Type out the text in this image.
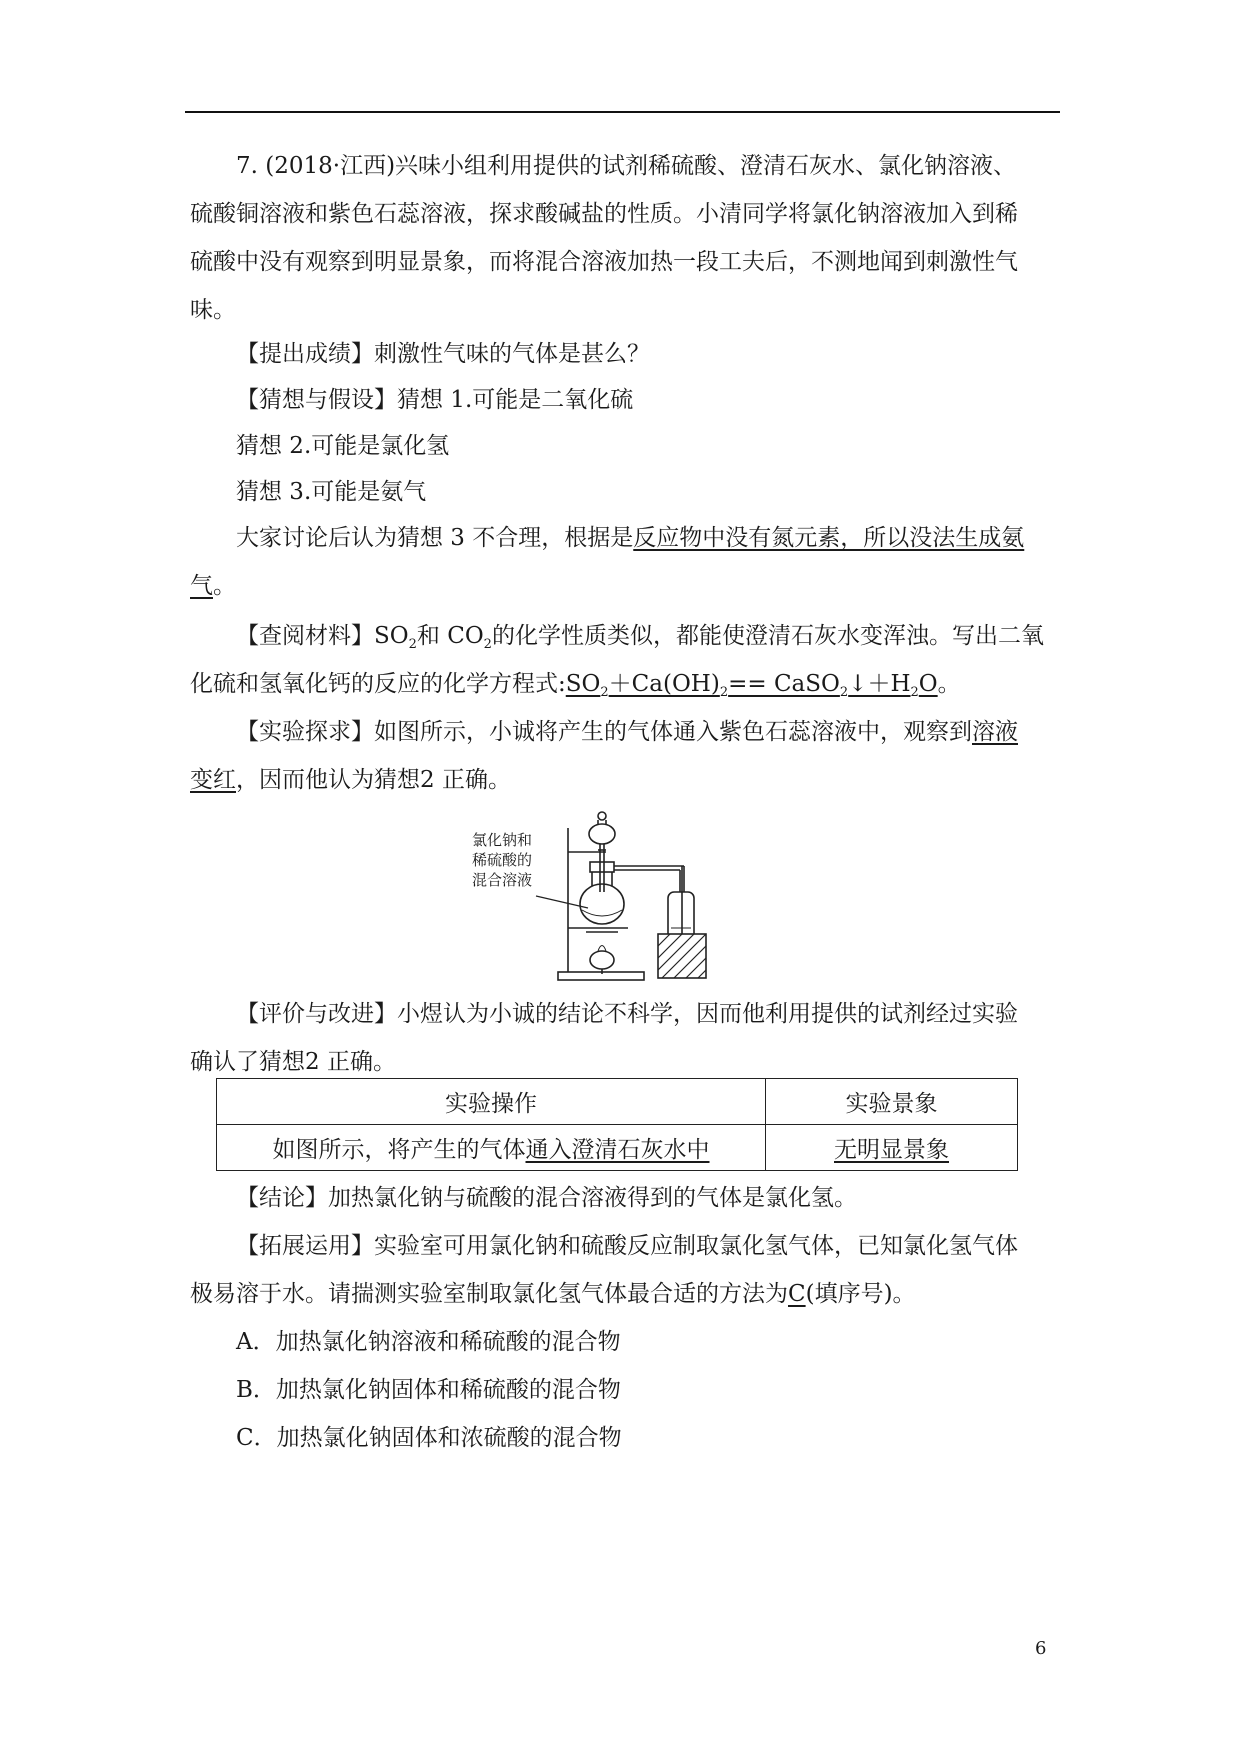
7. (2018·江西)兴味小组利用提供的试剂稀硫酸、澄清石灰水、氯化钠溶液、
硫酸铜溶液和紫色石蕊溶液，探求酸碱盐的性质。小清同学将氯化钠溶液加入到稀
硫酸中没有观察到明显景象，而将混合溶液加热一段工夫后，不测地闻到刺激性气
味。
【提出成绩】刺激性气味的气体是甚么？
【猜想与假设】猜想 1.可能是二氧化硫
猜想 2.可能是氯化氢
猜想 3.可能是氨气
大家讨论后认为猜想 3 不合理，根据是反应物中没有氮元素，所以没法生成氨
气。
【查阅材料】$SO_2$和 $CO_2$的化学性质类似，都能使澄清石灰水变浑浊。写出二氧
化硫和氢氧化钙的反应的化学方程式$:SO_2+Ca(OH)_2==$ $CaSO_2↓+H_2O$。
【实验探求】如图所示，小诚将产生的气体通入紫色石蕊溶液中，观察到溶液
变红，因而他认为猜想2 正确。
氯化钠和
稀硫酸的
混合溶液
【评价与改进】小煜认为小诚的结论不科学，因而他利用提供的试剂经过实验
确认了猜想2 正确。
实验操作	实验景象
如图所示，将产生的气体通入澄清石灰水中	无明显景象
【结论】加热氯化钠与硫酸的混合溶液得到的气体是氯化氢。
【拓展运用】实验室可用氯化钠和硫酸反应制取氯化氢气体，已知氯化氢气体
极易溶于水。请揣测实验室制取氯化氢气体最合适的方法为C(填序号)。
A．加热氯化钠溶液和稀硫酸的混合物
B．加热氯化钠固体和稀硫酸的混合物
C．加热氯化钠固体和浓硫酸的混合物
6
